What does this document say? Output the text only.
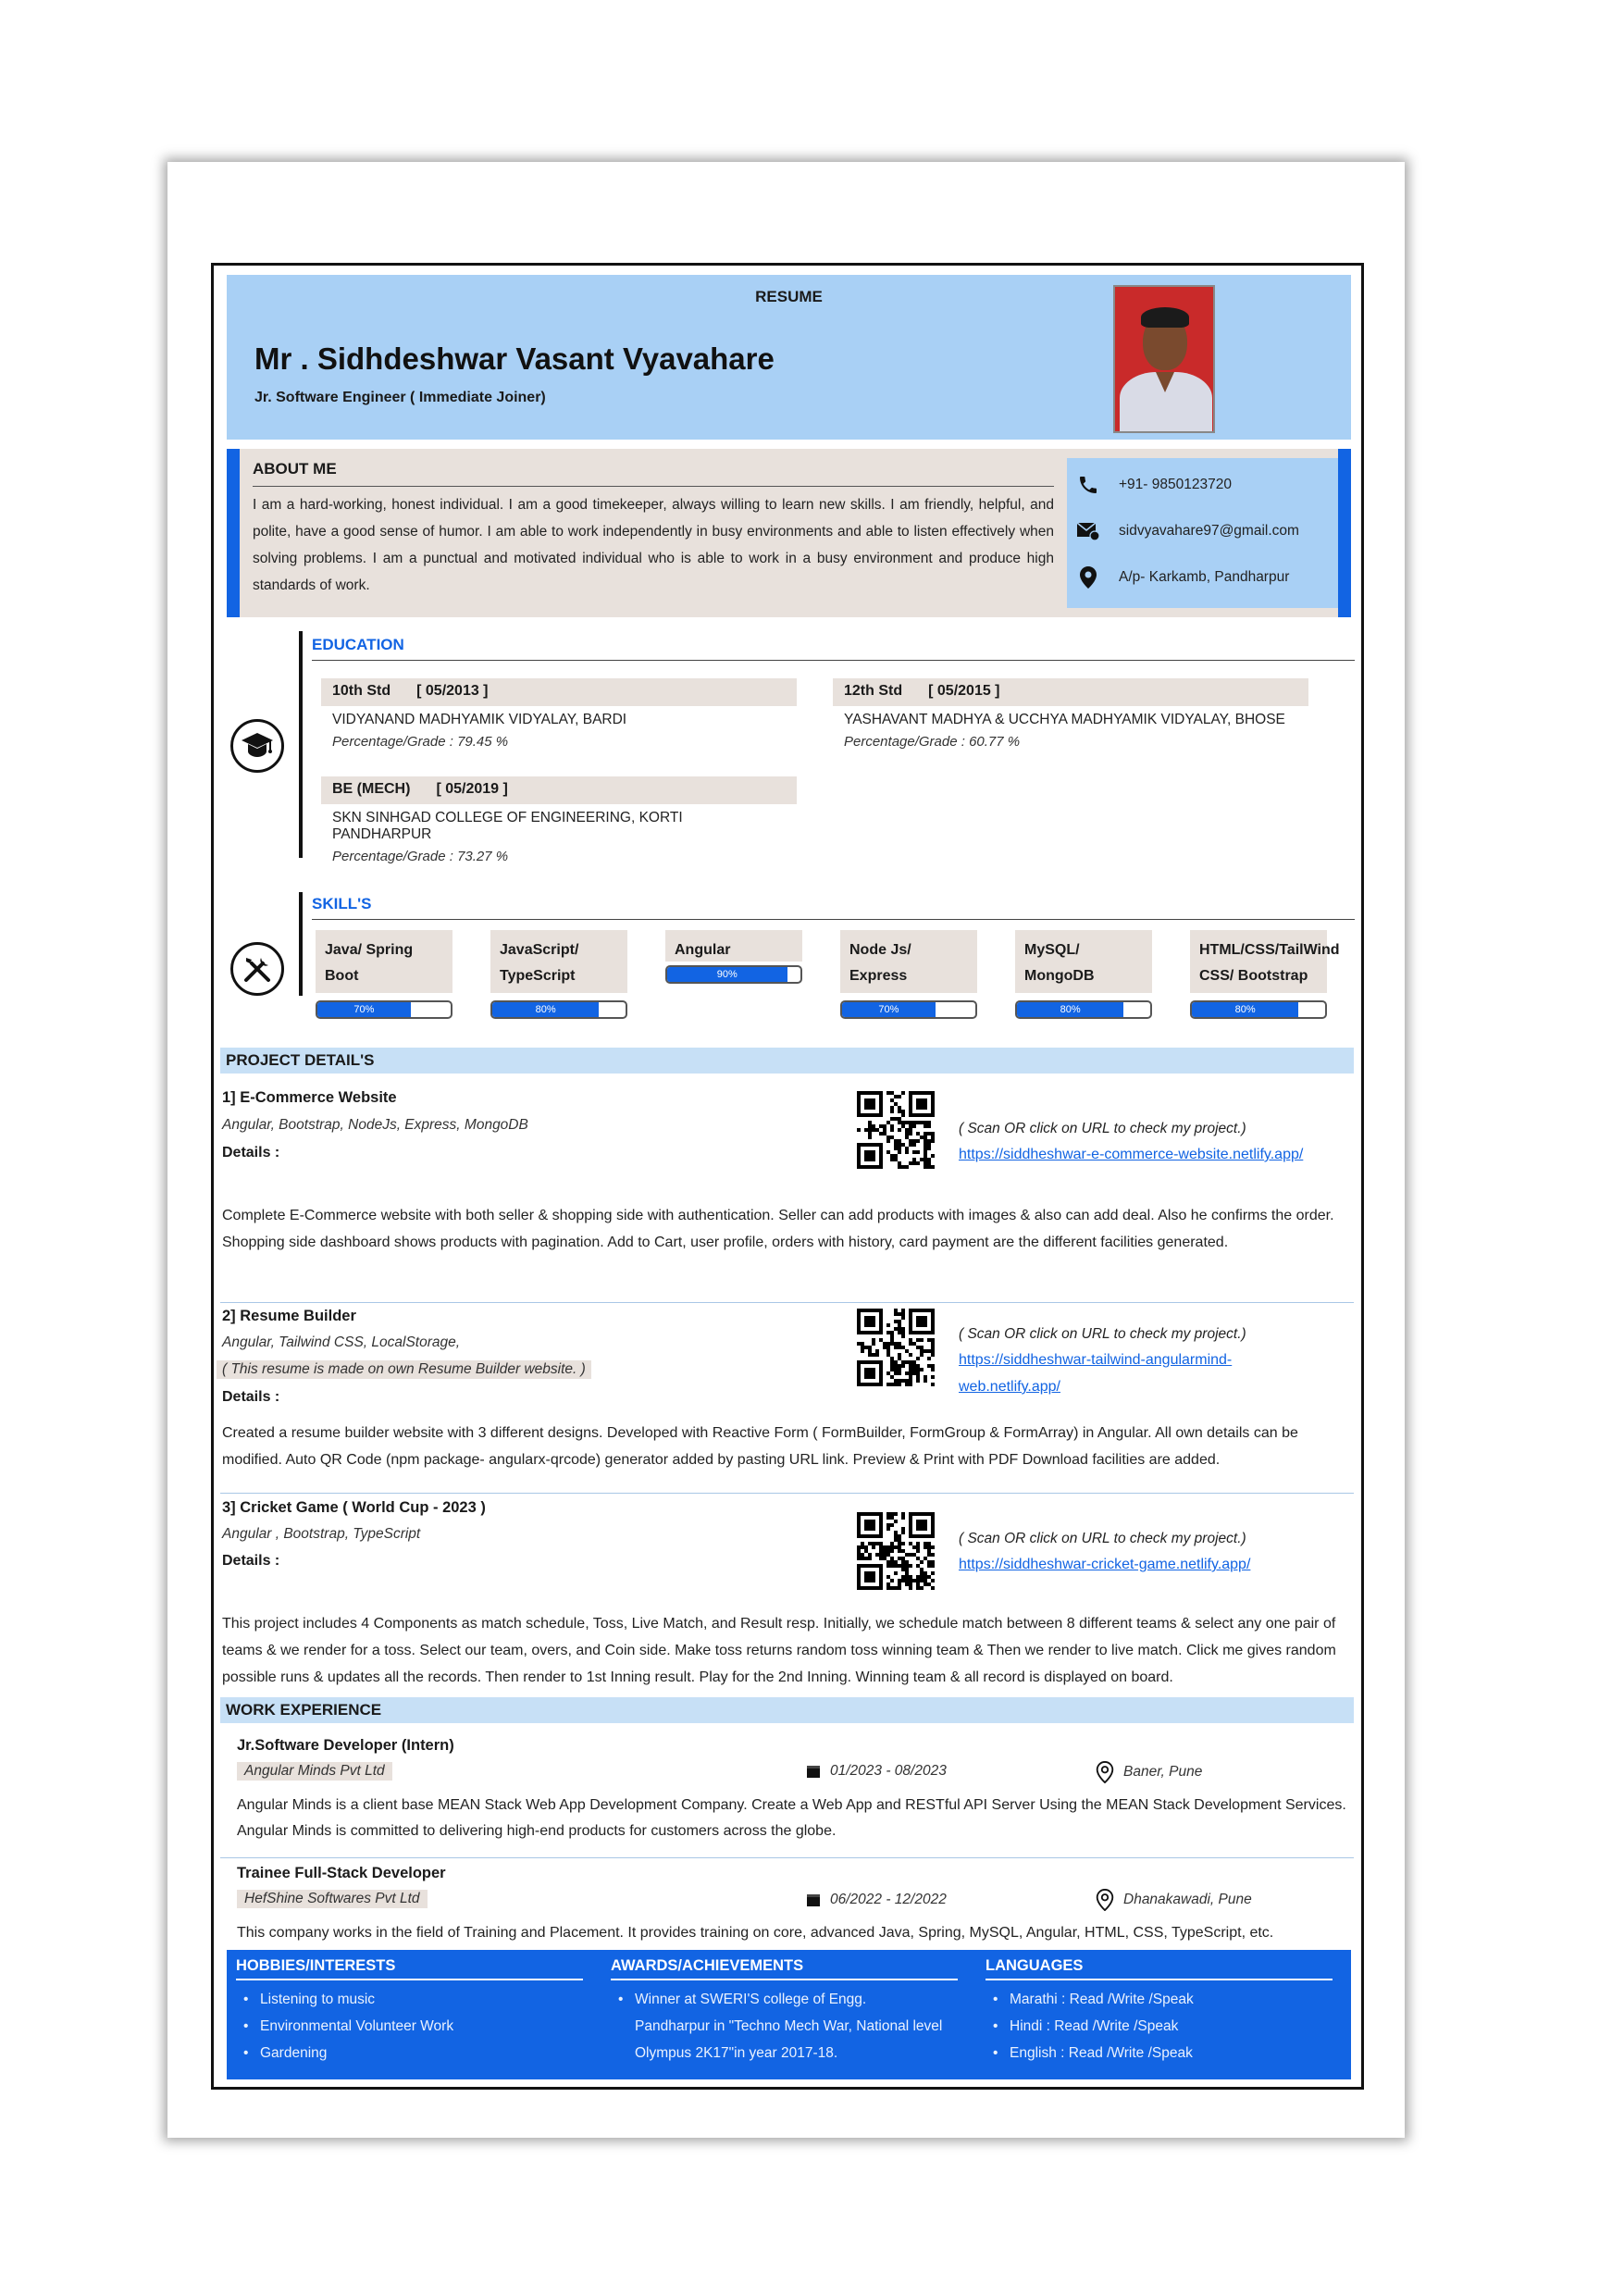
RESUME
Mr . Sidhdeshwar Vasant Vyavahare
Jr. Software Engineer ( Immediate Joiner)
ABOUT ME

I am a hard-working, honest individual. I am a good timekeeper, always willing to learn new skills. I am friendly, helpful, and polite, have a good sense of humor. I am able to work independently in busy environments and able to listen effectively when solving problems. I am a punctual and motivated individual who is able to work in a busy environment and produce high standards of work.

+91- 9850123720
sidvyavahare97@gmail.com
A/p- Karkamb, Pandharpur
EDUCATION
10th Std [ 05/2013 ]
VIDYANAND MADHYAMIK VIDYALAY, BARDI
Percentage/Grade : 79.45 %
12th Std [ 05/2015 ]
YASHAVANT MADHYA & UCCHYA MADHYAMIK VIDYALAY, BHOSE
Percentage/Grade : 60.77 %
BE (MECH) [ 05/2019 ]
SKN SINHGAD COLLEGE OF ENGINEERING, KORTI PANDHARPUR
Percentage/Grade : 73.27 %
SKILL'S
Java/ Spring
Boot
70%
JavaScript/
TypeScript
80%
Angular
90%
Node Js/
Express
70%
MySQL/
MongoDB
80%
HTML/CSS/TailWind
CSS/ Bootstrap
80%
PROJECT DETAIL'S
1] E-Commerce Website
Angular, Bootstrap, NodeJs, Express, MongoDB
Details :
( Scan OR click on URL to check my project.)
https://siddheshwar-e-commerce-website.netlify.app/
Complete E-Commerce website with both seller & shopping side with authentication. Seller can add products with images & also can add deal. Also he confirms the order. Shopping side dashboard shows products with pagination. Add to Cart, user profile, orders with history, card payment are the different facilities generated.
2] Resume Builder
Angular, Tailwind CSS, LocalStorage,
( This resume is made on own Resume Builder website. )
Details :
( Scan OR click on URL to check my project.)
https://siddheshwar-tailwind-angularmind-
web.netlify.app/
Created a resume builder website with 3 different designs. Developed with Reactive Form ( FormBuilder, FormGroup & FormArray) in Angular. All own details can be modified. Auto QR Code (npm package- angularx-qrcode) generator added by pasting URL link. Preview & Print with PDF Download facilities are added.
3] Cricket Game ( World Cup - 2023 )
Angular , Bootstrap, TypeScript
Details :
( Scan OR click on URL to check my project.)
https://siddheshwar-cricket-game.netlify.app/
This project includes 4 Components as match schedule, Toss, Live Match, and Result resp. Initially, we schedule match between 8 different teams & select any one pair of teams & we render for a toss. Select our team, overs, and Coin side. Make toss returns random toss winning team & Then we render to live match. Click me gives random possible runs & updates all the records. Then render to 1st Inning result. Play for the 2nd Inning. Winning team & all record is displayed on board.
WORK EXPERIENCE
Jr.Software Developer (Intern)
Angular Minds Pvt Ltd	01/2023 - 08/2023	Baner, Pune
Angular Minds is a client base MEAN Stack Web App Development Company. Create a Web App and RESTful API Server Using the MEAN Stack Development Services. Angular Minds is committed to delivering high-end products for customers across the globe.
Trainee Full-Stack Developer
HefShine Softwares Pvt Ltd	06/2022 - 12/2022	Dhanakawadi, Pune
This company works in the field of Training and Placement. It provides training on core, advanced Java, Spring, MySQL, Angular, HTML, CSS, TypeScript, etc.
HOBBIES/INTERESTS
• Listening to music
• Environmental Volunteer Work
• Gardening
AWARDS/ACHIEVEMENTS
• Winner at SWERI'S college of Engg. Pandharpur in "Techno Mech War, National level Olympus 2K17"in year 2017-18.
LANGUAGES
• Marathi : Read /Write /Speak
• Hindi : Read /Write /Speak
• English : Read /Write /Speak
